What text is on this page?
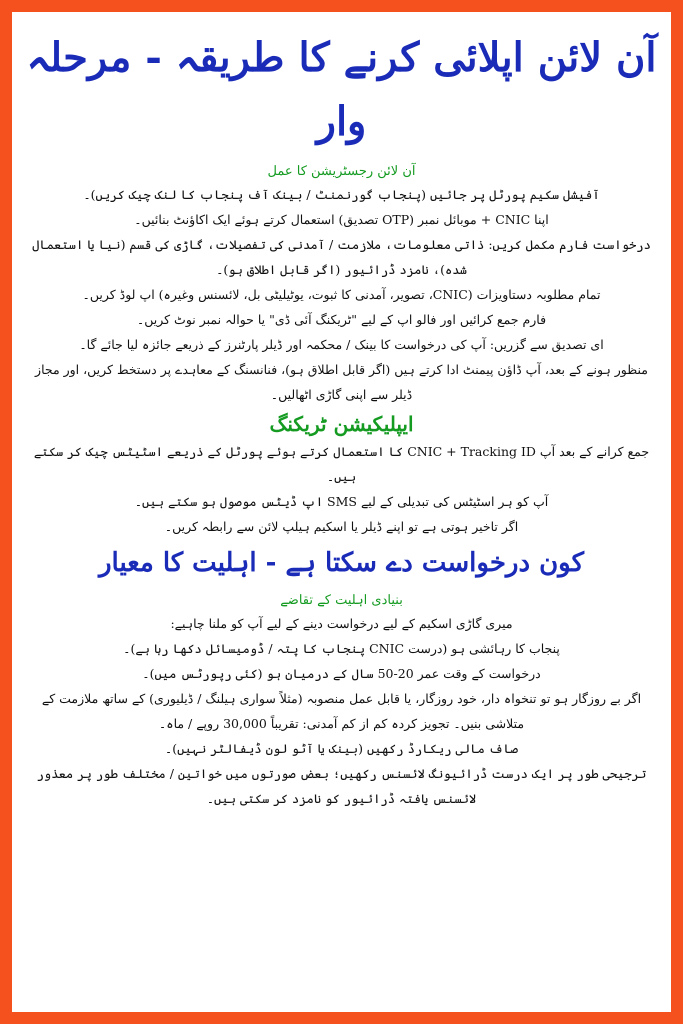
آن لائن اپلائی کرنے کا طریقہ - مرحلہ وار
آن لائن رجسٹریشن کا عمل

آفیشل سکیم پورٹل پر جائیں (پنجاب گورنمنٹ / بینک آف پنجاب کا لنک چیک کریں)۔

اپنا CNIC + موبائل نمبر (OTP تصدیق) استعمال کرتے ہوئے ایک اکاؤنٹ بنائیں۔

درخواست فارم مکمل کریں: ذاتی معلومات، ملازمت / آمدنی کی تفصیلات، گاڑی کی قسم (نیا یا استعمال شدہ)، نامزد ڈرائیور (اگر قابل اطلاق ہو)۔

تمام مطلوبہ دستاویزات (CNIC، تصویر، آمدنی کا ثبوت، یوٹیلیٹی بل، لائسنس وغیرہ) اپ لوڈ کریں۔

فارم جمع کرائیں اور فالو اپ کے لیے "ٹریکنگ آئی ڈی" یا حوالہ نمبر نوٹ کریں۔

ای تصدیق سے گزریں: آپ کی درخواست کا بینک / محکمہ اور ڈیلر پارٹنرز کے ذریعے جائزہ لیا جائے گا۔

منظور ہونے کے بعد، آپ ڈاؤن پیمنٹ ادا کرتے ہیں (اگر قابل اطلاق ہو)، فنانسنگ کے معاہدے پر دستخط کریں، اور مجاز ڈیلر سے اپنی گاڑی اٹھالیں۔

ایپلیکیشن ٹریکنگ

جمع کرانے کے بعد آپ CNIC + Tracking ID کا استعمال کرتے ہوئے پورٹل کے ذریعے اسٹیٹس چیک کر سکتے ہیں۔

آپ کو ہر اسٹیٹس کی تبدیلی کے لیے SMS اپ ڈیٹس موصول ہو سکتے ہیں۔

اگر تاخیر ہوتی ہے تو اپنے ڈیلر یا اسکیم ہیلپ لائن سے رابطہ کریں۔

کون درخواست دے سکتا ہے - اہلیت کا معیار
بنیادی اہلیت کے تقاضے

میری گاڑی اسکیم کے لیے درخواست دینے کے لیے آپ کو ملنا چاہیے:

پنجاب کا رہائشی ہو (درست CNIC پنجاب کا پتہ / ڈومیسائل دکھا رہا ہے)۔

درخواست کے وقت عمر 20-50 سال کے درمیان ہو (کئی رپورٹس میں)۔

اگر بے روزگار ہو تو تنخواہ دار، خود روزگار، یا قابل عمل منصوبہ (مثلاً سواری ہیلنگ / ڈیلیوری) کے ساتھ ملازمت کے متلاشی بنیں۔ تجویز کردہ کم از کم آمدنی: تقریباً 30,000 روپے / ماہ۔

صاف مالی ریکارڈ رکھیں (بینک یا آٹو لون ڈیفالٹر نہیں)۔

ترجیحی طور پر ایک درست ڈرائیونگ لائسنس رکھیں؛ بعض صورتوں میں خواتین / مختلف طور پر معذور لائسنس یافتہ ڈرائیور کو نامزد کر سکتی ہیں۔
